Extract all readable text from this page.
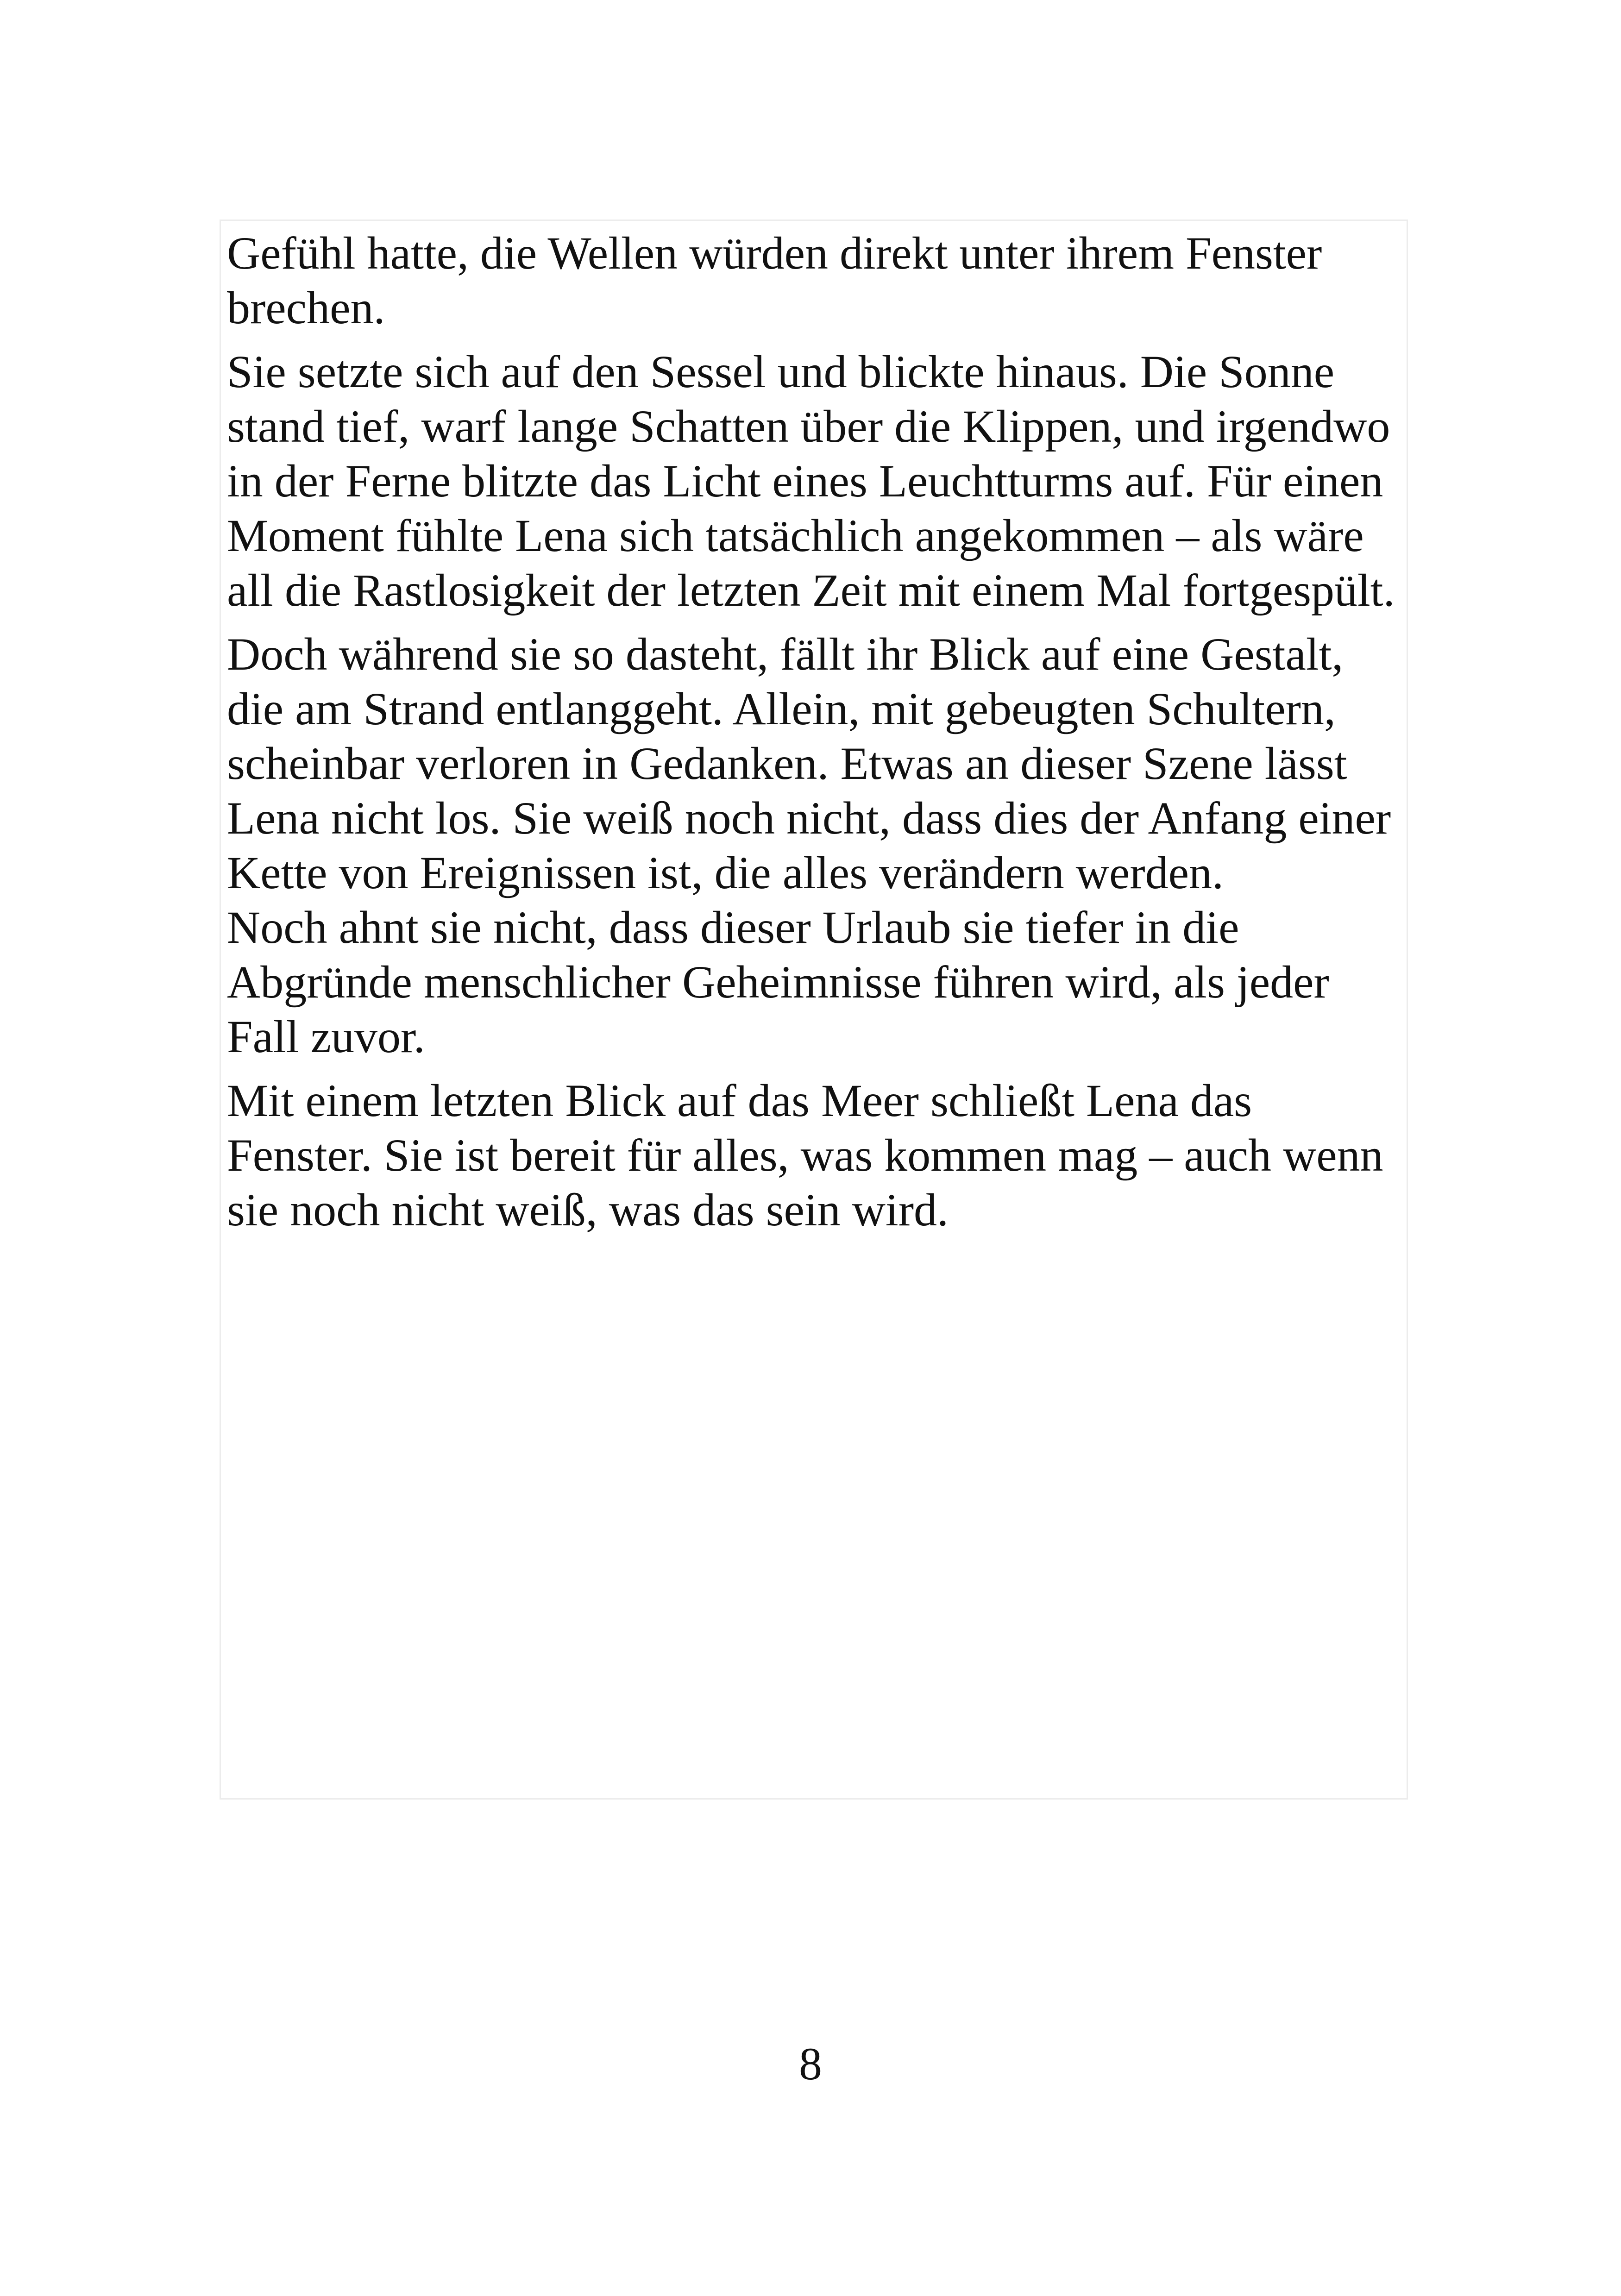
Gefühl hatte, die Wellen würden direkt unter ihrem Fenster
brechen.

Sie setzte sich auf den Sessel und blickte hinaus. Die Sonne
stand tief, warf lange Schatten über die Klippen, und irgendwo
in der Ferne blitzte das Licht eines Leuchtturms auf. Für einen
Moment fühlte Lena sich tatsächlich angekommen – als wäre
all die Rastlosigkeit der letzten Zeit mit einem Mal fortgespült.

Doch während sie so dasteht, fällt ihr Blick auf eine Gestalt,
die am Strand entlanggeht. Allein, mit gebeugten Schultern,
scheinbar verloren in Gedanken. Etwas an dieser Szene lässt
Lena nicht los. Sie weiß noch nicht, dass dies der Anfang einer
Kette von Ereignissen ist, die alles verändern werden.
Noch ahnt sie nicht, dass dieser Urlaub sie tiefer in die
Abgründe menschlicher Geheimnisse führen wird, als jeder
Fall zuvor.

Mit einem letzten Blick auf das Meer schließt Lena das
Fenster. Sie ist bereit für alles, was kommen mag – auch wenn
sie noch nicht weiß, was das sein wird.

8
